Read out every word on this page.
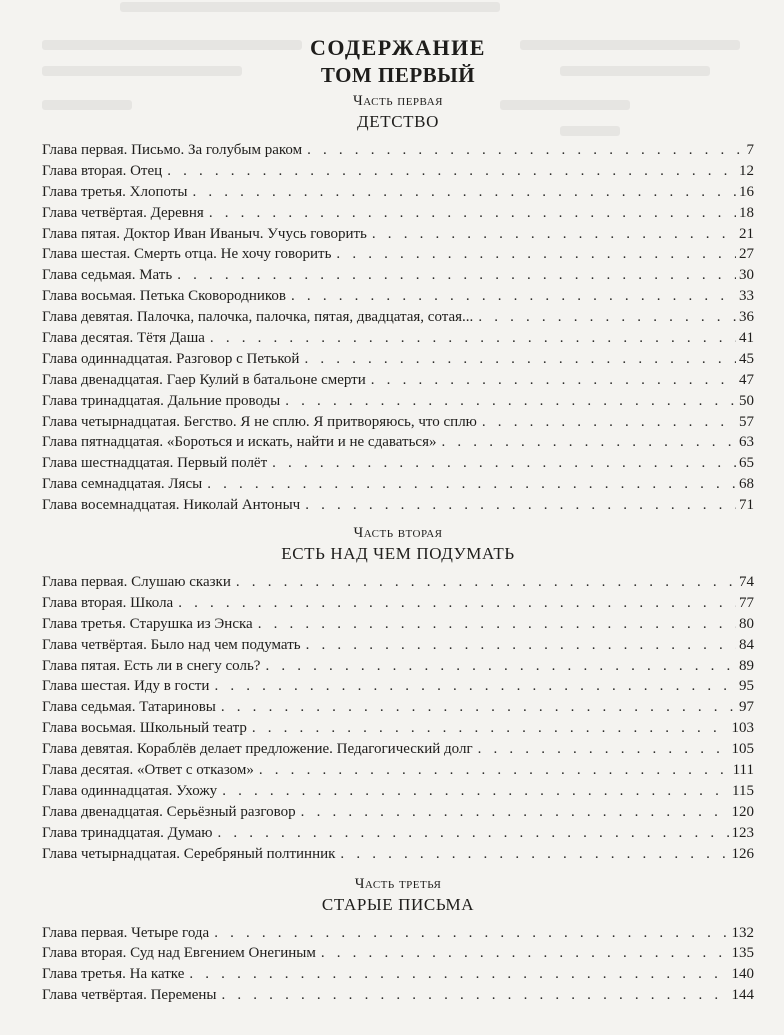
СОДЕРЖАНИЕ
ТОМ ПЕРВЫЙ
Часть первая
ДЕТСТВО
Глава первая. Письмо. За голубым раком . . .	7
Глава вторая. Отец . . .	12
Глава третья. Хлопоты . . .	16
Глава четвёртая. Деревня . . .	18
Глава пятая. Доктор Иван Иваныч. Учусь говорить . . .	21
Глава шестая. Смерть отца. Не хочу говорить . . .	27
Глава седьмая. Мать . . .	30
Глава восьмая. Петька Сковородников . . .	33
Глава девятая. Палочка, палочка, палочка, пятая, двадцатая, сотая... . . .	36
Глава десятая. Тётя Даша . . .	41
Глава одиннадцатая. Разговор с Петькой . . .	45
Глава двенадцатая. Гаер Кулий в батальоне смерти . . .	47
Глава тринадцатая. Дальние проводы . . .	50
Глава четырнадцатая. Бегство. Я не сплю. Я притворяюсь, что сплю . . .	57
Глава пятнадцатая. «Бороться и искать, найти и не сдаваться» . . .	63
Глава шестнадцатая. Первый полёт . . .	65
Глава семнадцатая. Лясы . . .	68
Глава восемнадцатая. Николай Антоныч . . .	71
Часть вторая
ЕСТЬ НАД ЧЕМ ПОДУМАТЬ
Глава первая. Слушаю сказки . . .	74
Глава вторая. Школа . . .	77
Глава третья. Старушка из Энска . . .	80
Глава четвёртая. Было над чем подумать . . .	84
Глава пятая. Есть ли в снегу соль? . . .	89
Глава шестая. Иду в гости . . .	95
Глава седьмая. Татариновы . . .	97
Глава восьмая. Школьный театр . . .	103
Глава девятая. Кораблёв делает предложение. Педагогический долг . . .	105
Глава десятая. «Ответ с отказом» . . .	111
Глава одиннадцатая. Ухожу . . .	115
Глава двенадцатая. Серьёзный разговор . . .	120
Глава тринадцатая. Думаю . . .	123
Глава четырнадцатая. Серебряный полтинник . . .	126
Часть третья
СТАРЫЕ ПИСЬМА
Глава первая. Четыре года . . .	132
Глава вторая. Суд над Евгением Онегиным . . .	135
Глава третья. На катке . . .	140
Глава четвёртая. Перемены . . .	144
